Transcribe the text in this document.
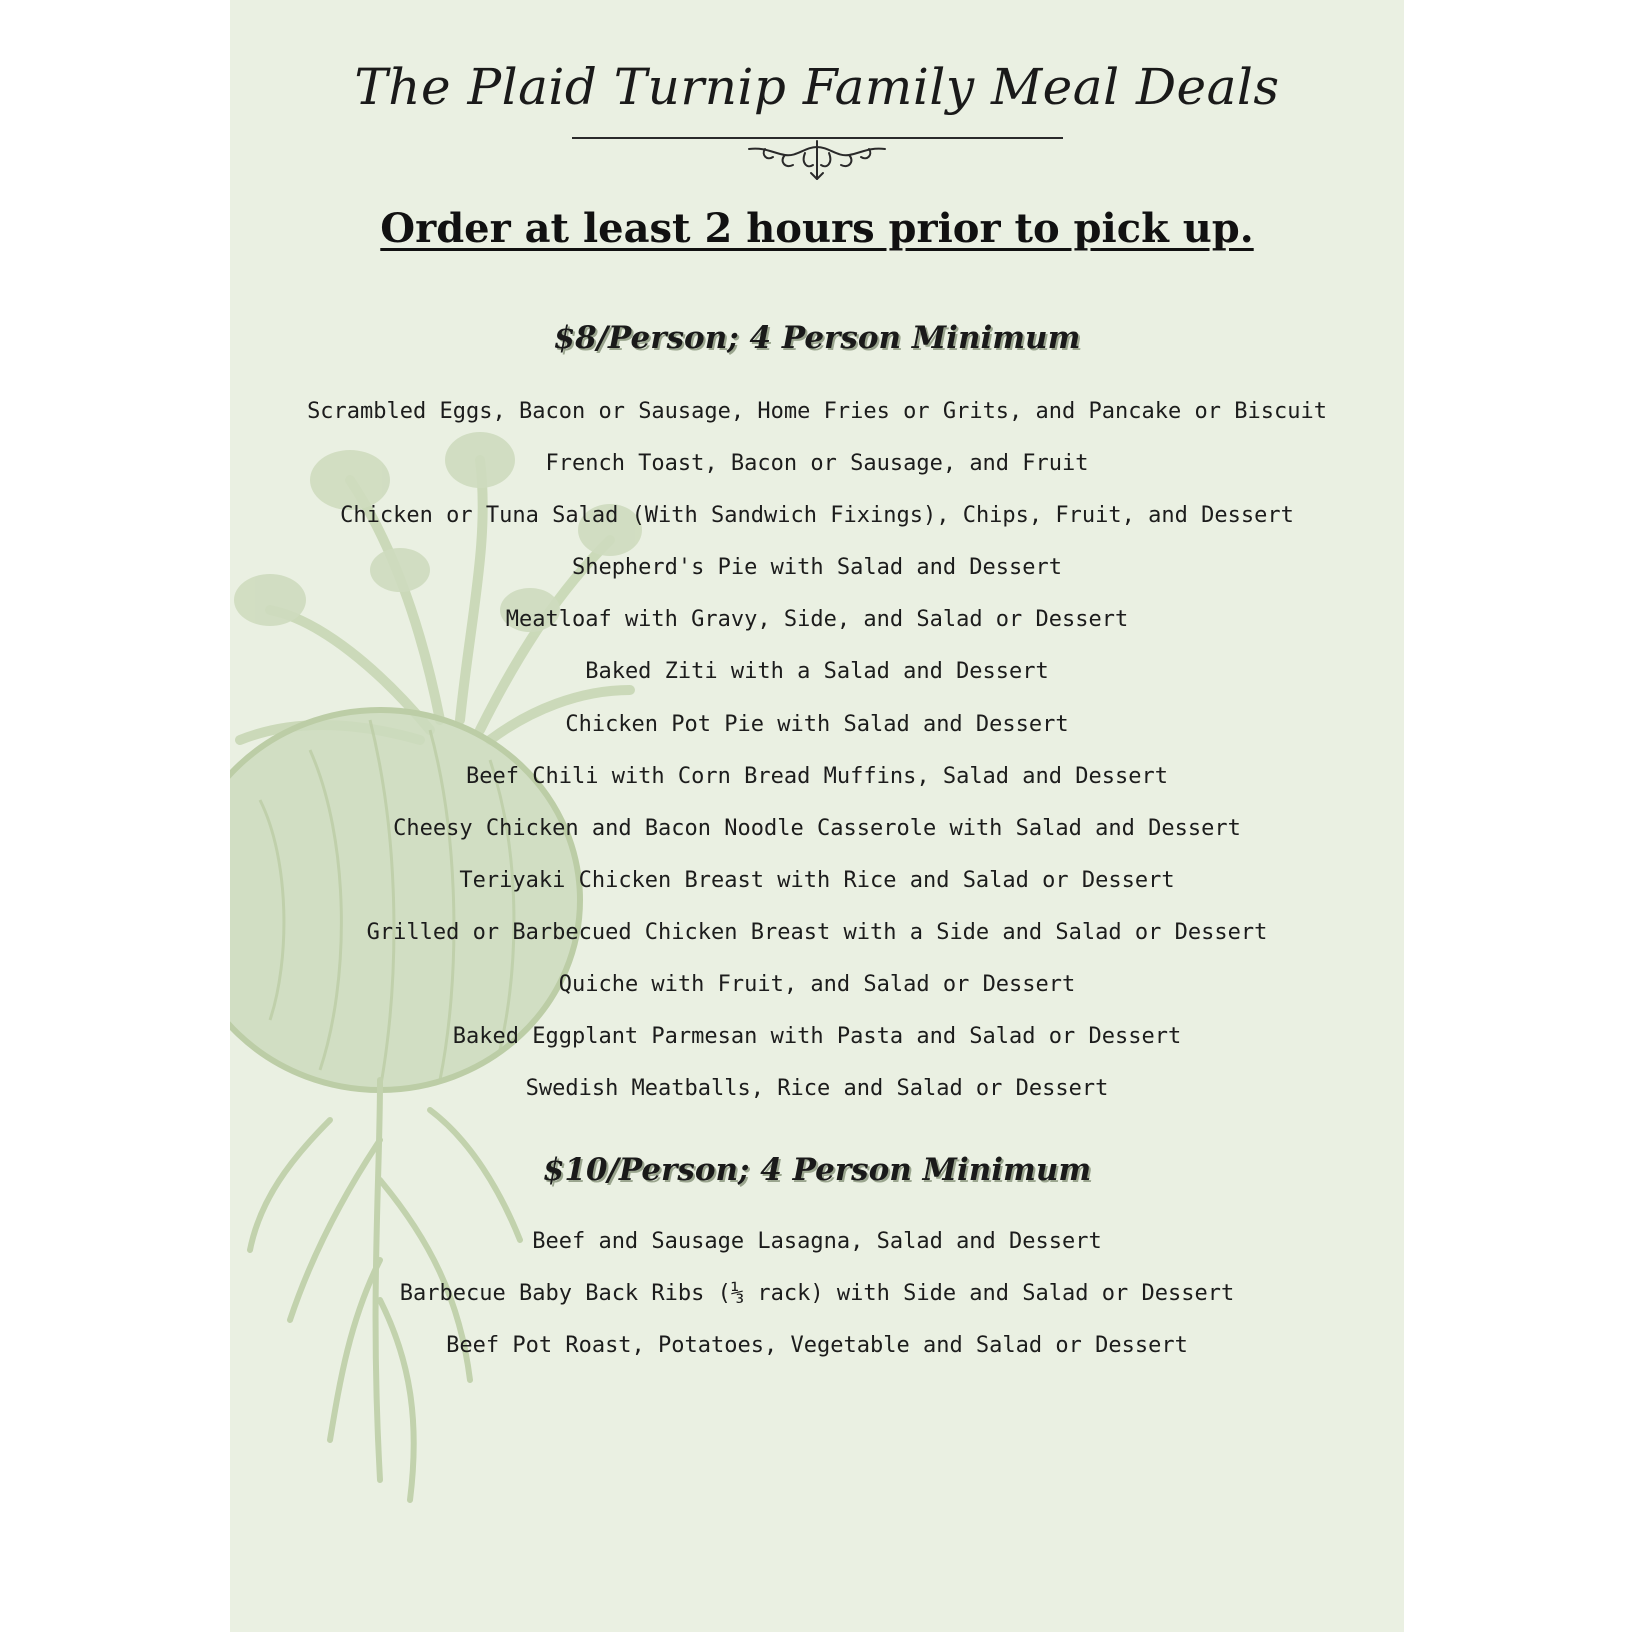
The Plaid Turnip Family Meal Deals
Order at least 2 hours prior to pick up.
$8/Person; 4 Person Minimum
Scrambled Eggs, Bacon or Sausage, Home Fries or Grits, and Pancake or Biscuit
French Toast, Bacon or Sausage, and Fruit
Chicken or Tuna Salad (With Sandwich Fixings), Chips, Fruit, and Dessert
Shepherd's Pie with Salad and Dessert
Meatloaf with Gravy, Side, and Salad or Dessert
Baked Ziti with a Salad and Dessert
Chicken Pot Pie with Salad and Dessert
Beef Chili with Corn Bread Muffins, Salad and Dessert
Cheesy Chicken and Bacon Noodle Casserole with Salad and Dessert
Teriyaki Chicken Breast with Rice and Salad or Dessert
Grilled or Barbecued Chicken Breast with a Side and Salad or Dessert
Quiche with Fruit, and Salad or Dessert
Baked Eggplant Parmesan with Pasta and Salad or Dessert
Swedish Meatballs, Rice and Salad or Dessert
$10/Person; 4 Person Minimum
Beef and Sausage Lasagna, Salad and Dessert
Barbecue Baby Back Ribs (⅓ rack) with Side and Salad or Dessert
Beef Pot Roast, Potatoes, Vegetable and Salad or Dessert
